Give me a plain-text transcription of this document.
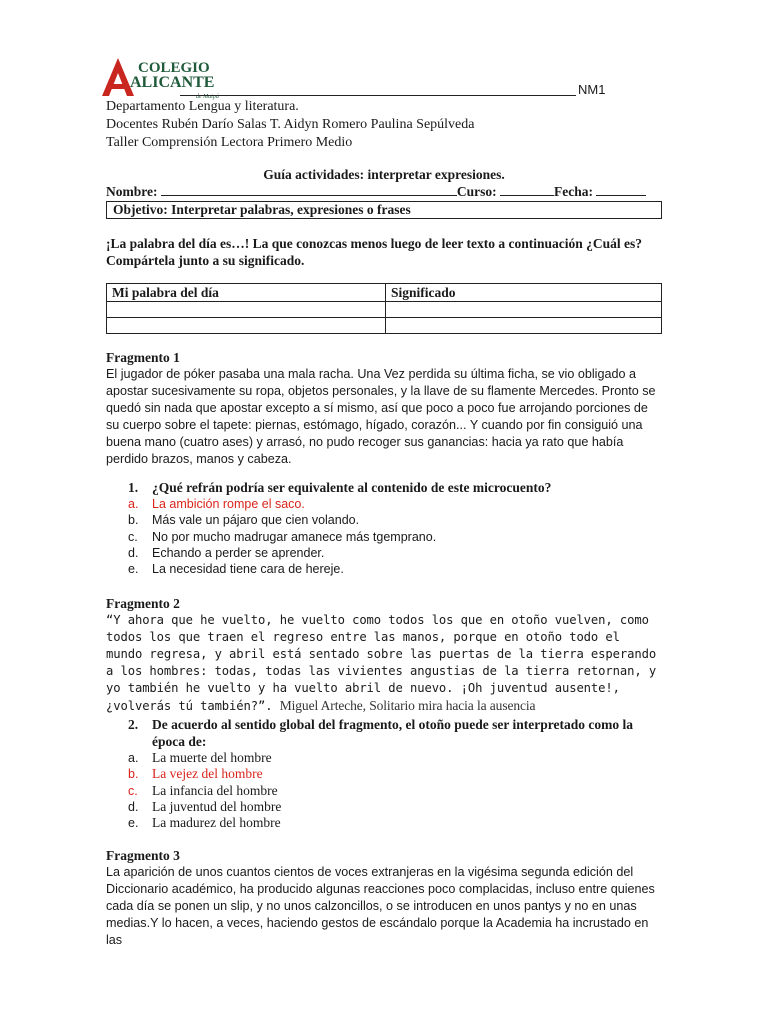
COLEGIO
ALICANTE
de Maipú	NM1
Departamento Lengua y literatura.
Docentes Rubén Darío Salas T. Aidyn Romero Paulina Sepúlveda
Taller Comprensión Lectora Primero Medio
Guía actividades: interpretar expresiones.
Nombre:	Curso:	Fecha:
Objetivo: Interpretar palabras, expresiones o frases
¡La palabra del día es…! La que conozcas menos luego de leer texto a continuación ¿Cuál es? Compártela junto a su significado.
Mi palabra del día	Significado

Fragmento 1
El jugador de póker pasaba una mala racha. Una Vez perdida su última ficha, se vio obligado a apostar sucesivamente su ropa, objetos personales, y la llave de su flamente Mercedes. Pronto se quedó sin nada que apostar excepto a sí mismo, así que poco a poco fue arrojando porciones de su cuerpo sobre el tapete: piernas, estómago, hígado, corazón... Y cuando por fin consiguió una buena mano (cuatro ases) y arrasó, no pudo recoger sus ganancias: hacia ya rato que había perdido brazos, manos y cabeza.
1.	¿Qué refrán podría ser equivalente al contenido de este microcuento?
a.	La ambición rompe el saco.
b.	Más vale un pájaro que cien volando.
c.	No por mucho madrugar amanece más tgemprano.
d.	Echando a perder se aprender.
e.	La necesidad tiene cara de hereje.
Fragmento 2
“Y ahora que he vuelto, he vuelto como todos los que en otoño vuelven, como todos los que traen el regreso entre las manos, porque en otoño todo el mundo regresa, y abril está sentado sobre las puertas de la tierra esperando a los hombres: todas, todas las vivientes angustias de la tierra retornan, y yo también he vuelto y ha vuelto abril de nuevo. ¡Oh juventud ausente!, ¿volverás tú también?”. Miguel Arteche, Solitario mira hacia la ausencia
2.	De acuerdo al sentido global del fragmento, el otoño puede ser interpretado como la época de:
a.	La muerte del hombre
b.	La vejez del hombre
c.	La infancia del hombre
d.	La juventud del hombre
e.	La madurez del hombre
Fragmento 3
La aparición de unos cuantos cientos de voces extranjeras en la vigésima segunda edición del Diccionario académico, ha producido algunas reacciones poco complacidas, incluso entre quienes cada día se ponen un slip, y no unos calzoncillos, o se introducen en unos pantys y no en unas medias.Y lo hacen, a veces, haciendo gestos de escándalo porque la Academia ha incrustado en las
